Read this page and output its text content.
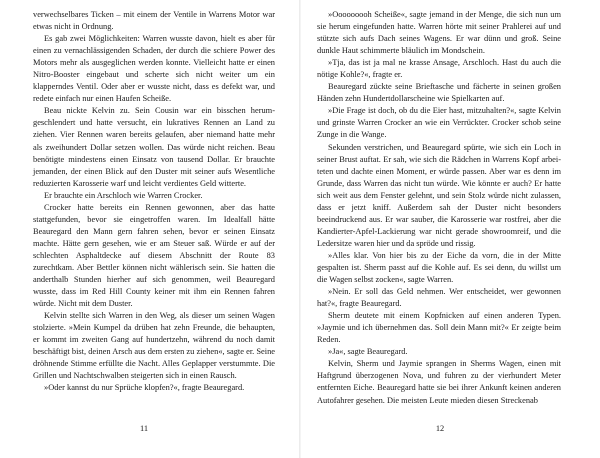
verwechselbares Ticken – mit einem der Ventile in Warrens Motor war etwas nicht in Ordnung.

Es gab zwei Möglichkeiten: Warren wusste davon, hielt es aber für einen zu vernachlässigenden Schaden, der durch die schiere Power des Motors mehr als ausgeglichen werden konnte. Vielleicht hatte er einen Nitro-Booster eingebaut und scherte sich nicht weiter um ein klapperndes Ventil. Oder aber er wusste nicht, dass es defekt war, und redete einfach nur einen Haufen Scheiße.

Beau nickte Kelvin zu. Sein Cousin war ein bisschen herumgeschlendert und hatte versucht, ein lukratives Rennen an Land zu ziehen. Vier Rennen waren bereits gelaufen, aber niemand hatte mehr als zweihundert Dollar setzen wollen. Das würde nicht reichen. Beau benötigte mindestens einen Einsatz von tausend Dollar. Er brauchte jemanden, der einen Blick auf den Duster mit seiner aufs Wesentliche reduzierten Karosserie warf und leicht verdientes Geld witterte.

Er brauchte ein Arschloch wie Warren Crocker.

Crocker hatte bereits ein Rennen gewonnen, aber das hatte stattgefunden, bevor sie eingetroffen waren. Im Idealfall hätte Beauregard den Mann gern fahren sehen, bevor er seinen Einsatz machte. Hätte gern gesehen, wie er am Steuer saß. Würde er auf der schlechten Asphaltdecke auf diesem Abschnitt der Route 83 zurechtkam. Aber Bettler können nicht wählerisch sein. Sie hatten die anderthalb Stunden hierher auf sich genommen, weil Beauregard wusste, dass im Red Hill County keiner mit ihm ein Rennen fahren würde. Nicht mit dem Duster.

Kelvin stellte sich Warren in den Weg, als dieser um seinen Wagen stolzierte. »Mein Kumpel da drüben hat zehn Freunde, die behaupten, er kommt im zweiten Gang auf hundertzehn, während du noch damit beschäftigt bist, deinen Arsch aus dem ersten zu ziehen«, sagte er. Seine dröhnende Stimme erfüllte die Nacht. Alles Geplapper verstummte. Die Grillen und Nachtschwalben steigerten sich in einen Rausch.

»Oder kannst du nur Sprüche klopfen?«, fragte Beauregard.

11

»Ooooooooh Scheiße«, sagte jemand in der Menge, die sich nun um sie herum eingefunden hatte. Warren hörte mit seiner Prahlerei auf und stützte sich aufs Dach seines Wagens. Er war dünn und groß. Seine dunkle Haut schimmerte bläulich im Mondschein.

»Tja, das ist ja mal ne krasse Ansage, Arschloch. Hast du auch die nötige Kohle?«, fragte er.

Beauregard zückte seine Brieftasche und fächerte in seinen großen Händen zehn Hundertdollarscheine wie Spielkarten auf.

»Die Frage ist doch, ob du die Eier hast, mitzuhalten?«, sagte Kelvin und grinste Warren Crocker an wie ein Verrückter. Crocker schob seine Zunge in die Wange.

Sekunden verstrichen, und Beauregard spürte, wie sich ein Loch in seiner Brust auftat. Er sah, wie sich die Rädchen in Warrens Kopf arbeiteten und dachte einen Moment, er würde passen. Aber war es denn im Grunde, dass Warren das nicht tun würde. Wie könnte er auch? Er hatte sich weit aus dem Fenster gelehnt, und sein Stolz würde nicht zulassen, dass er jetzt kniff. Außerdem sah der Duster nicht besonders beeindruckend aus. Er war sauber, die Karosserie war rostfrei, aber die Kandierter-Apfel-Lackierung war nicht gerade showroomreif, und die Ledersitze waren hier und da spröde und rissig.

»Alles klar. Von hier bis zu der Eiche da vorn, die in der Mitte gespalten ist. Sherm passt auf die Kohle auf. Es sei denn, du willst um die Wagen selbst zocken«, sagte Warren.

»Nein. Er soll das Geld nehmen. Wer entscheidet, wer gewonnen hat?«, fragte Beauregard.

Sherm deutete mit einem Kopfnicken auf einen anderen Typen. »Jaymie und ich übernehmen das. Soll dein Mann mit?« Er zeigte beim Reden.

»Ja«, sagte Beauregard.

Kelvin, Sherm und Jaymie sprangen in Sherms Wagen, einen mit Haftgrund überzogenen Nova, und fuhren zu der vierhundert Meter entfernten Eiche. Beauregard hatte sie bei ihrer Ankunft keinen anderen Autofahrer gesehen. Die meisten Leute mieden diesen Streckenab

12
